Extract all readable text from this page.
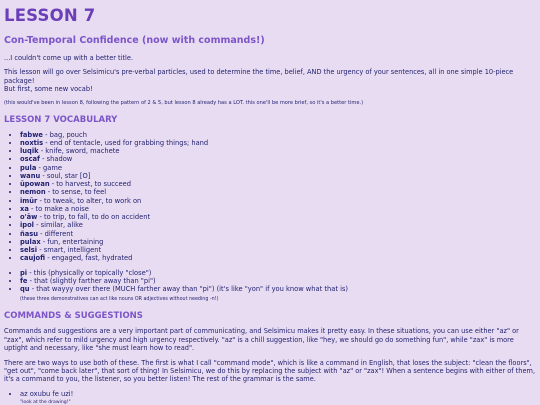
LESSON 7
Con-Temporal Confidence (now with commands!)

...I couldn't come up with a better title.

This lesson will go over Selsimicu's pre-verbal particles, used to determine the time, belief, AND the urgency of your sentences, all in one simple 10-piece package!
But first, some new vocab!

(this would've been in lesson 8, following the pattern of 2 & 5, but lesson 8 already has a LOT. this one'll be more brief, so it's a better time.)

LESSON 7 VOCABULARY
• fabwe - bag, pouch
• noxtis - end of tentacle, used for grabbing things; hand
• luqik - knife, sword, machete
• oscaf - shadow
• pula - game
• wanu - soul, star [O]
• ūpowan - to harvest, to succeed
• nemon - to sense, to feel
• imūr - to tweak, to alter, to work on
• xa - to make a noise
• o'āw - to trip, to fall, to do on accident
• ipol - similar, alike
• ñasu - different
• pulax - fun, entertaining
• selsi - smart, intelligent
• caujofi - engaged, fast, hydrated
• pi - this (physically or topically "close")
• fe - that (slightly farther away than "pi")
• qu - that wayyy over there (MUCH farther away than "pi") (it's like "yon" if you know what that is)
(these three demonstratives can act like nouns OR adjectives without needing -n!)
COMMANDS & SUGGESTIONS

Commands and suggestions are a very important part of communicating, and Selsimicu makes it pretty easy. In these situations, you can use either "az" or "zax", which refer to mild urgency and high urgency respectively. "az" is a chill suggestion, like "hey, we should go do something fun", while "zax" is more uptight and necessary, like "she must learn how to read".

There are two ways to use both of these. The first is what I call "command mode", which is like a command in English, that loses the subject: "clean the floors", "get out", "come back later", that sort of thing! In Selsimicu, we do this by replacing the subject with "az" or "zax"! When a sentence begins with either of them, it's a command to you, the listener, so you better listen! The rest of the grammar is the same.

• az oxubu fe uzi!
"look at the drawing!"
